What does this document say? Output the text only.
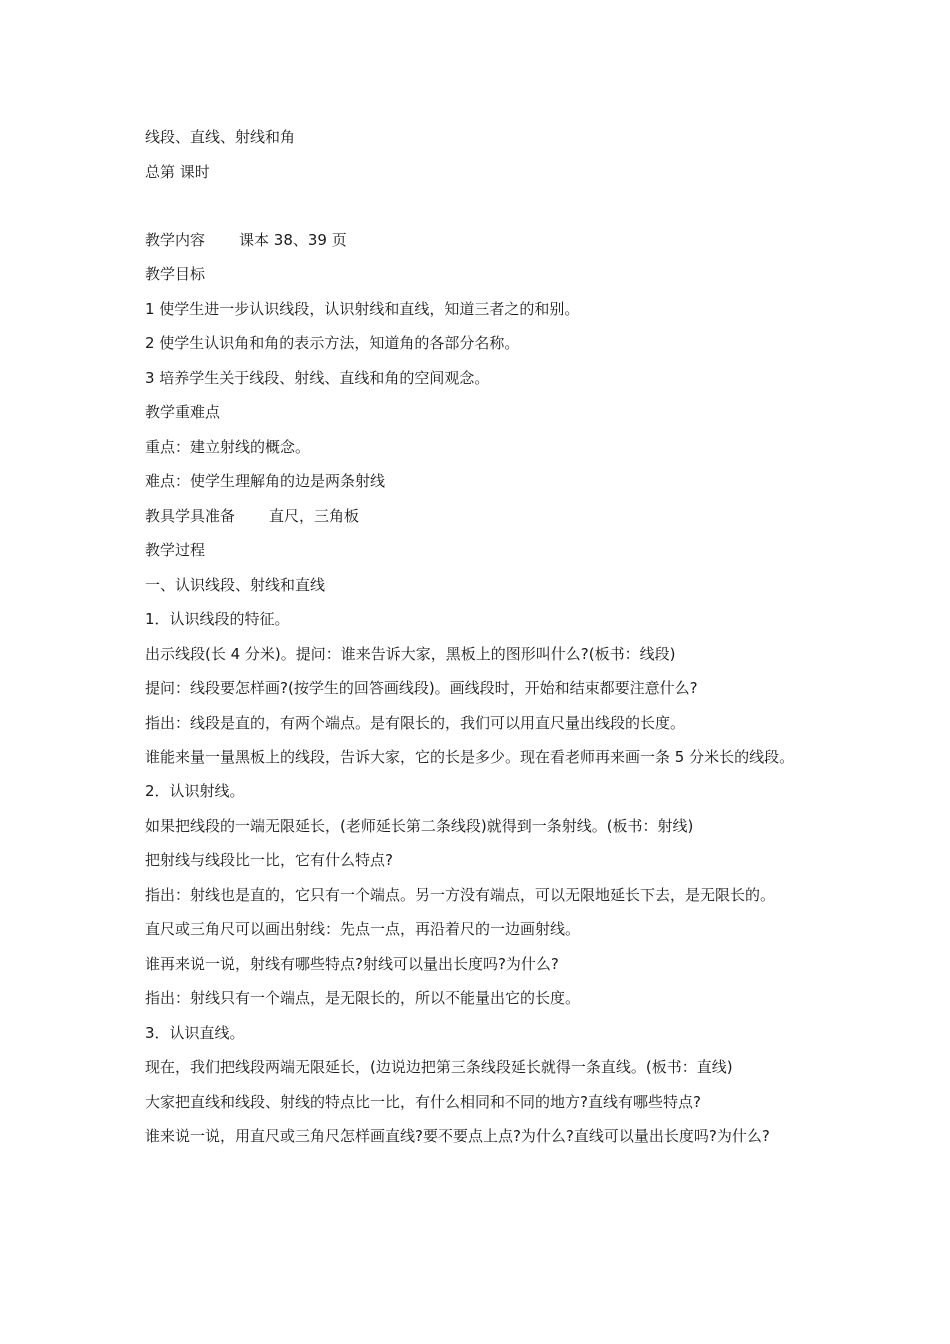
线段、直线、射线和角
总第 课时
教学内容 课本 38、39 页
教学目标
1 使学生进一步认识线段，认识射线和直线，知道三者之的和别。
2 使学生认识角和角的表示方法，知道角的各部分名称。
3 培养学生关于线段、射线、直线和角的空间观念。
教学重难点
重点：建立射线的概念。
难点：使学生理解角的边是两条射线
教具学具准备 直尺，三角板
教学过程
一、认识线段、射线和直线
1．认识线段的特征。
出示线段(长 4 分米)。提问：谁来告诉大家，黑板上的图形叫什么?(板书：线段)
提问：线段要怎样画?(按学生的回答画线段)。画线段时，开始和结束都要注意什么?
指出：线段是直的，有两个端点。是有限长的，我们可以用直尺量出线段的长度。
谁能来量一量黑板上的线段，告诉大家，它的长是多少。现在看老师再来画一条 5 分米长的线段。
2．认识射线。
如果把线段的一端无限延长，(老师延长第二条线段)就得到一条射线。(板书：射线)
把射线与线段比一比，它有什么特点?
指出：射线也是直的，它只有一个端点。另一方没有端点，可以无限地延长下去，是无限长的。
直尺或三角尺可以画出射线：先点一点，再沿着尺的一边画射线。
谁再来说一说，射线有哪些特点?射线可以量出长度吗?为什么?
指出：射线只有一个端点，是无限长的，所以不能量出它的长度。
3．认识直线。
现在，我们把线段两端无限延长，(边说边把第三条线段延长就得一条直线。(板书：直线)
大家把直线和线段、射线的特点比一比，有什么相同和不同的地方?直线有哪些特点?
谁来说一说，用直尺或三角尺怎样画直线?要不要点上点?为什么?直线可以量出长度吗?为什么?
